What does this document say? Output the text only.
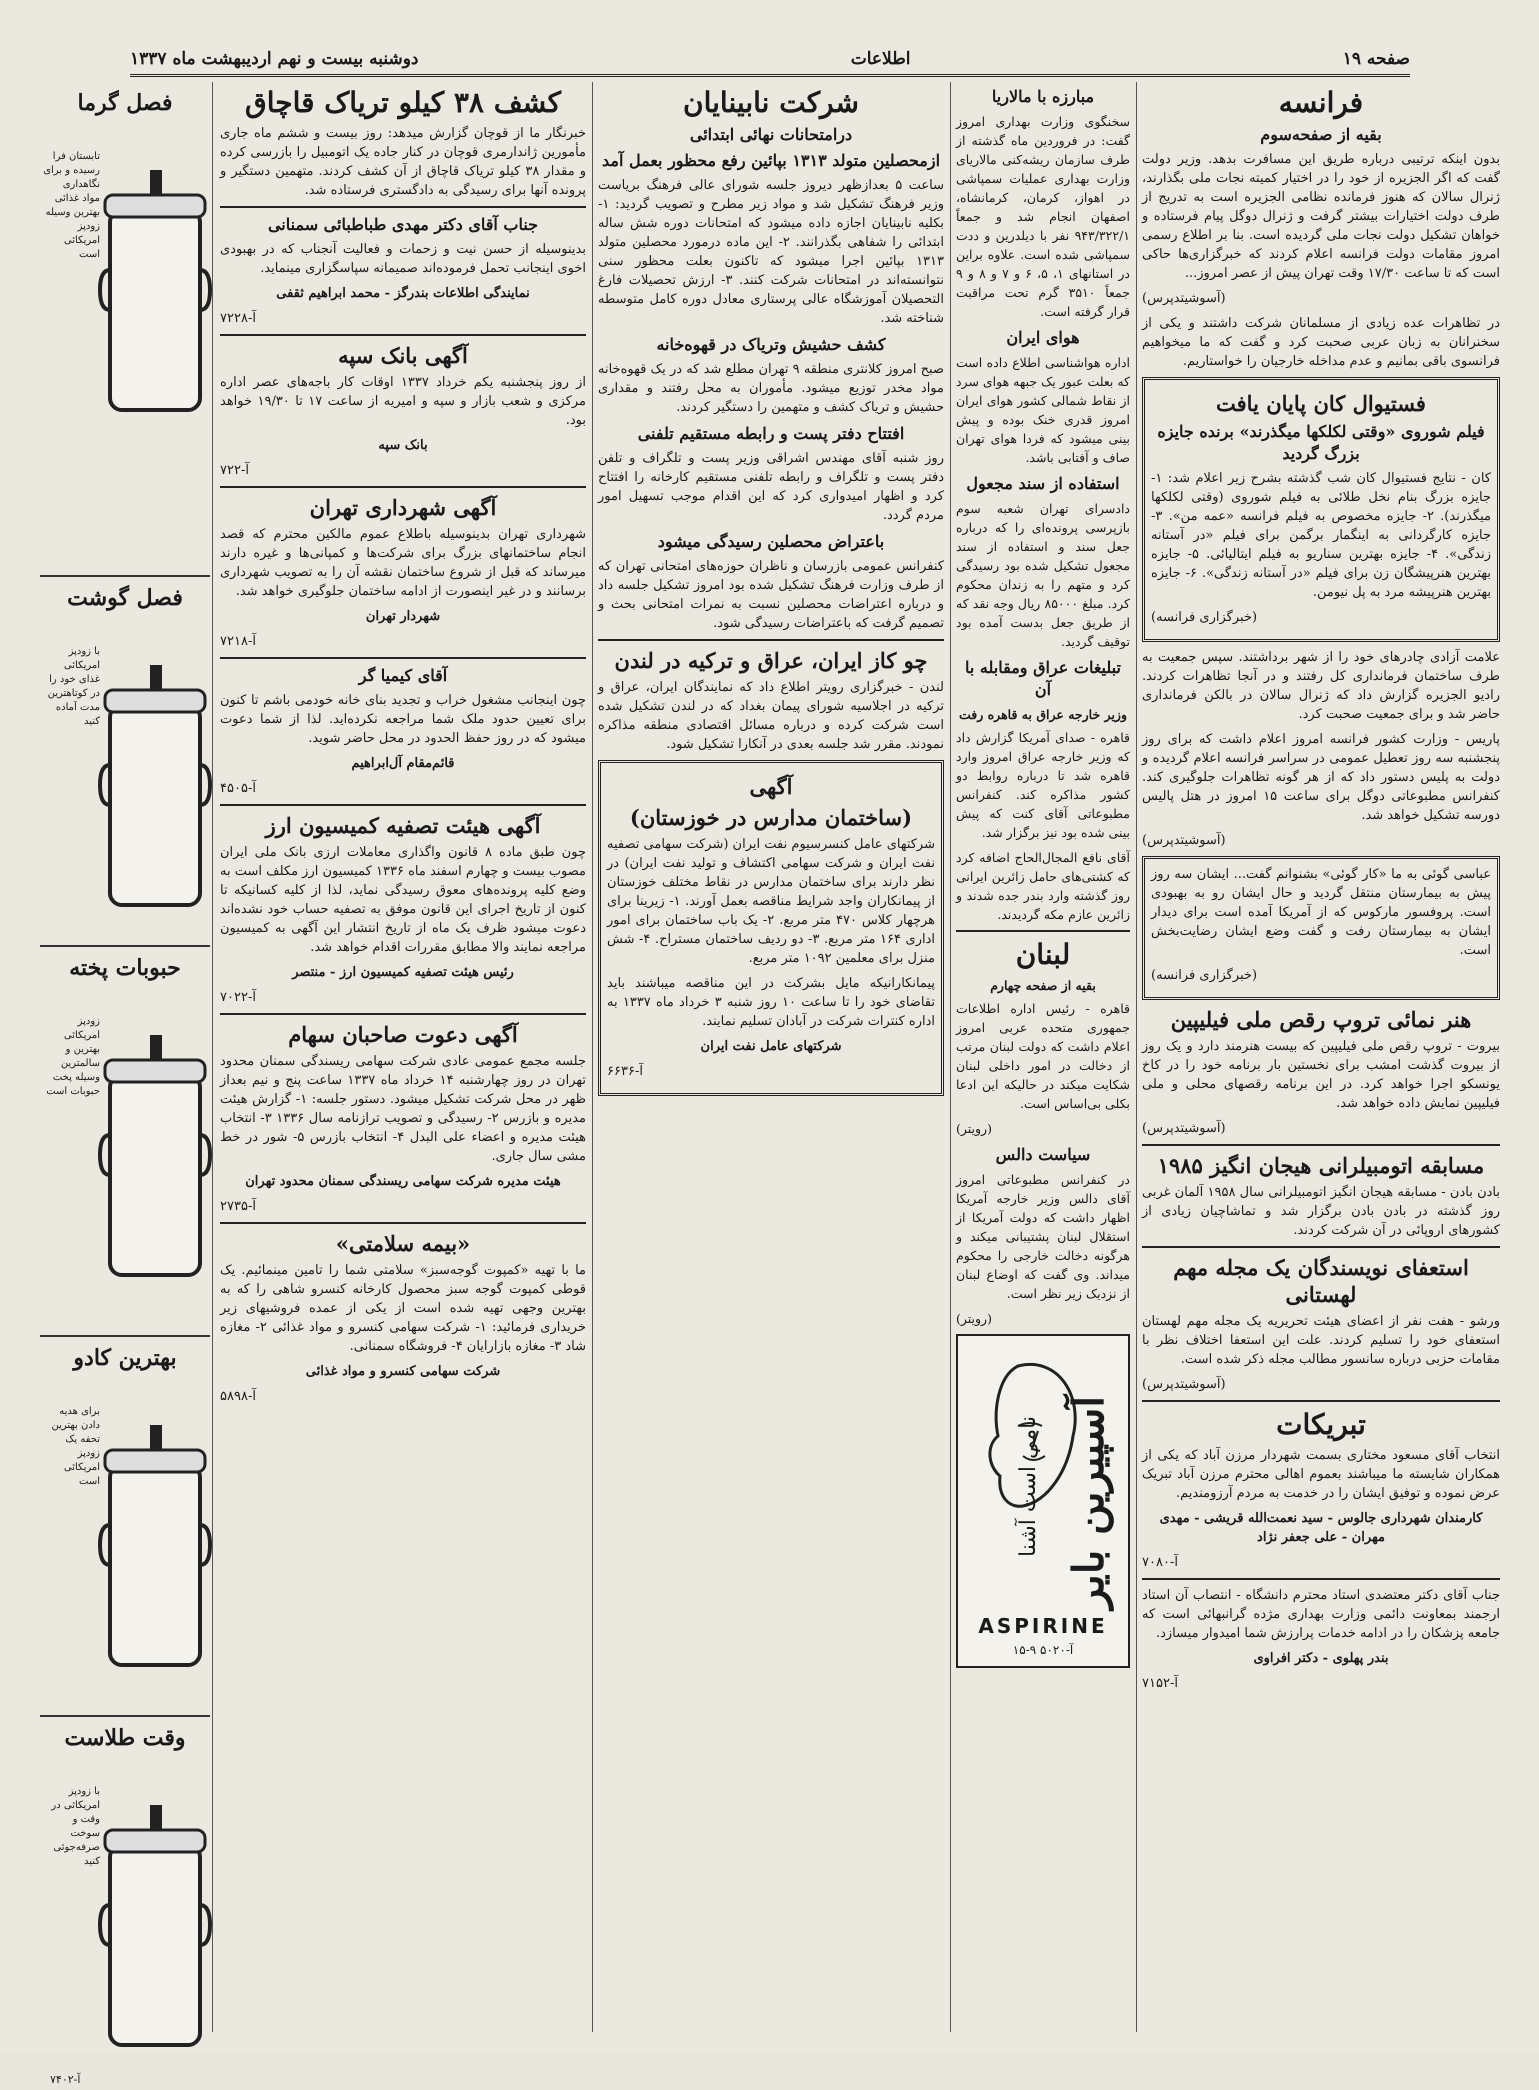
صفحه ۱۹
اطلاعات
دوشنبه بیست و نهم اردیبهشت ماه ۱۳۳۷
فرانسه
بقیه از صفحه‌سوم

بدون اینکه ترتیبی درباره طریق این مسافرت بدهد. وزیر دولت گفت که اگر الجزیره از خود را در اختیار کمیته نجات ملی بگذارند، ژنرال سالان که هنوز فرمانده نظامی الجزیره است به تدریج از طرف دولت اختیارات بیشتر گرفت و ژنرال دوگل پیام فرستاده و خواهان تشکیل دولت نجات ملی گردیده است. بنا بر اطلاع رسمی امروز مقامات دولت فرانسه اعلام کردند که خبرگزاری‌ها حاکی است که تا ساعت ۱۷/۳۰ وقت تهران پیش از عصر امروز...

(آسوشیتدپرس)

در تظاهرات عده زیادی از مسلمانان شرکت داشتند و یکی از سخنرانان به زبان عربی صحبت کرد و گفت که ما میخواهیم فرانسوی باقی بمانیم و عدم مداخله خارجیان را خواستاریم.

فستیوال کان پایان یافت
فیلم شوروی «وقتی لکلکها میگذرند» برنده جایزه بزرگ گردید

کان - نتایج فستیوال کان شب گذشته بشرح زیر اعلام شد: ۱- جایزه بزرگ بنام نخل طلائی به فیلم شوروی (وقتی لکلکها میگذرند). ۲- جایزه مخصوص به فیلم فرانسه «عمه من». ۳- جایزه کارگردانی به اینگمار برگمن برای فیلم «در آستانه زندگی». ۴- جایزه بهترین سناریو به فیلم ایتالیائی. ۵- جایزه بهترین هنرپیشگان زن برای فیلم «در آستانه زندگی». ۶- جایزه بهترین هنرپیشه مرد به پل نیومن.

(خبرگزاری فرانسه)

علامت آزادی چادرهای خود را از شهر برداشتند. سپس جمعیت به طرف ساختمان فرمانداری کل رفتند و در آنجا تظاهرات کردند. رادیو الجزیره گزارش داد که ژنرال سالان در بالکن فرمانداری حاضر شد و برای جمعیت صحبت کرد.

پاریس - وزارت کشور فرانسه امروز اعلام داشت که برای روز پنجشنبه سه روز تعطیل عمومی در سراسر فرانسه اعلام گردیده و دولت به پلیس دستور داد که از هر گونه تظاهرات جلوگیری کند. کنفرانس مطبوعاتی دوگل برای ساعت ۱۵ امروز در هتل پالیس دورسه تشکیل خواهد شد.

(آسوشیتدپرس)

عباسی گوئی به ما «کار گوئی» بشنوانم گفت... ایشان سه روز پیش به بیمارستان منتقل گردید و حال ایشان رو به بهبودی است. پروفسور مارکوس که از آمریکا آمده است برای دیدار ایشان به بیمارستان رفت و گفت وضع ایشان رضایت‌بخش است.

(خبرگزاری فرانسه)

هنر نمائی تروپ رقص ملی فیلیپین

بیروت - تروپ رقص ملی فیلیپین که بیست هنرمند دارد و یک روز از بیروت گذشت امشب برای نخستین بار برنامه خود را در کاخ یونسکو اجرا خواهد کرد. در این برنامه رقصهای محلی و ملی فیلیپین نمایش داده خواهد شد.

(آسوشیتدپرس)

مسابقه اتومبیلرانی هیجان انگیز ۱۹۸۵

بادن بادن - مسابقه هیجان انگیز اتومبیلرانی سال ۱۹۵۸ آلمان غربی روز گذشته در بادن بادن برگزار شد و تماشاچیان زیادی از کشورهای اروپائی در آن شرکت کردند.

استعفای نویسندگان یک مجله مهم لهستانی

ورشو - هفت نفر از اعضای هیئت تحریریه یک مجله مهم لهستان استعفای خود را تسلیم کردند. علت این استعفا اختلاف نظر با مقامات حزبی درباره سانسور مطالب مجله ذکر شده است.

(آسوشیتدپرس)

تبریکات

انتخاب آقای مسعود مختاری بسمت شهردار مرزن آباد که یکی از همکاران شایسته ما میباشند بعموم اهالی محترم مرزن آباد تبریک عرض نموده و توفیق ایشان را در خدمت به مردم آرزومندیم.

کارمندان شهرداری جالوس - سید نعمت‌الله قریشی - مهدی مهران - علی جعفر نژاد

آ-۷۰۸۰

جناب آقای دکتر معتضدی استاد محترم دانشگاه - انتصاب آن استاد ارجمند بمعاونت دائمی وزارت بهداری مژده گرانبهائی است که جامعه پزشکان را در ادامه خدمات پرارزش شما امیدوار میسازد.

بندر پهلوی - دکتر افراوی

آ-۷۱۵۲

مبارزه با مالاریا

سخنگوی وزارت بهداری امروز گفت: در فروردین ماه گذشته از طرف سازمان ریشه‌کنی مالاریای وزارت بهداری عملیات سمپاشی در اهواز، کرمان، کرمانشاه، اصفهان انجام شد و جمعاً ۹۴۳/۳۲۲/۱ نفر با دیلدرین و ددت سمپاشی شده است. علاوه براین در استانهای ۱، ۵، ۶ و ۷ و ۸ و ۹ جمعاً ۳۵۱۰ گرم تحت مراقبت قرار گرفته است.

هوای ایران

اداره هواشناسی اطلاع داده است که بعلت عبور یک جبهه هوای سرد از نقاط شمالی کشور هوای ایران امروز قدری خنک بوده و پیش بینی میشود که فردا هوای تهران صاف و آفتابی باشد.

استفاده از سند مجعول

دادسرای تهران شعبه سوم بازپرسی پرونده‌ای را که درباره جعل سند و استفاده از سند مجعول تشکیل شده بود رسیدگی کرد و متهم را به زندان محکوم کرد. مبلغ ۸۵۰۰۰ ریال وجه نقد که از طریق جعل بدست آمده بود توقیف گردید.

تبلیغات عراق ومقابله با آن
وزیر خارجه عراق به قاهره رفت

قاهره - صدای آمریکا گزارش داد که وزیر خارجه عراق امروز وارد قاهره شد تا درباره روابط دو کشور مذاکره کند. کنفرانس مطبوعاتی آقای کنت که پیش بینی شده بود نیز برگزار شد.

آقای نافع المجال‌الحاج اضافه کرد که کشتی‌های حامل زائرین ایرانی روز گذشته وارد بندر جده شدند و زائرین عازم مکه گردیدند.

لبنان
بقیه از صفحه چهارم

قاهره - رئیس اداره اطلاعات جمهوری متحده عربی امروز اعلام داشت که دولت لبنان مرتب از دخالت در امور داخلی لبنان شکایت میکند در حالیکه این ادعا بکلی بی‌اساس است.

(رویتر)

سیاست دالس

در کنفرانس مطبوعاتی امروز آقای دالس وزیر خارجه آمریکا اظهار داشت که دولت آمریکا از استقلال لبنان پشتیبانی میکند و هرگونه دخالت خارجی را محکوم میداند. وی گفت که اوضاع لبنان از نزدیک زیر نظر است.

(رویتر)

آسپیرین بایر
نامی است آشنا
ASPIRINE
آ-۵۰۲۰ ۹-۱۵
شرکت نابینایان
درامتحانات نهائی ابتدائی
ازمحصلین متولد ۱۳۱۳ بپائین رفع محظور بعمل آمد

ساعت ۵ بعدازظهر دیروز جلسه شورای عالی فرهنگ بریاست وزیر فرهنگ تشکیل شد و مواد زیر مطرح و تصویب گردید: ۱- بکلیه نابینایان اجازه داده میشود که امتحانات دوره شش ساله ابتدائی را شفاهی بگذرانند. ۲- این ماده درمورد محصلین متولد ۱۳۱۳ بپائین اجرا میشود که تاکنون بعلت محظور سنی نتوانسته‌اند در امتحانات شرکت کنند. ۳- ارزش تحصیلات فارغ التحصیلان آموزشگاه عالی پرستاری معادل دوره کامل متوسطه شناخته شد.

کشف حشیش وتریاک در قهوه‌خانه

صبح امروز کلانتری منطقه ۹ تهران مطلع شد که در یک قهوه‌خانه مواد مخدر توزیع میشود. مأموران به محل رفتند و مقداری حشیش و تریاک کشف و متهمین را دستگیر کردند.

افتتاح دفتر پست و رابطه مستقیم تلفنی

روز شنبه آقای مهندس اشراقی وزیر پست و تلگراف و تلفن دفتر پست و تلگراف و رابطه تلفنی مستقیم کارخانه را افتتاح کرد و اظهار امیدواری کرد که این اقدام موجب تسهیل امور مردم گردد.

باعتراض محصلین رسیدگی میشود

کنفرانس عمومی بازرسان و ناظران حوزه‌های امتحانی تهران که از طرف وزارت فرهنگ تشکیل شده بود امروز تشکیل جلسه داد و درباره اعتراضات محصلین نسبت به نمرات امتحانی بحث و تصمیم گرفت که باعتراضات رسیدگی شود.

چو کاز ایران، عراق و ترکیه در لندن

لندن - خبرگزاری رویتر اطلاع داد که نمایندگان ایران، عراق و ترکیه در اجلاسیه شورای پیمان بغداد که در لندن تشکیل شده است شرکت کرده و درباره مسائل اقتصادی منطقه مذاکره نمودند. مقرر شد جلسه بعدی در آنکارا تشکیل شود.

آگهی
(ساختمان مدارس در خوزستان)

شرکتهای عامل کنسرسیوم نفت ایران (شرکت سهامی تصفیه نفت ایران و شرکت سهامی اکتشاف و تولید نفت ایران) در نظر دارند برای ساختمان مدارس در نقاط مختلف خوزستان از پیمانکاران واجد شرایط مناقصه بعمل آورند. ۱- زیرینا برای هرچهار کلاس ۴۷۰ متر مربع. ۲- یک باب ساختمان برای امور اداری ۱۶۴ متر مربع. ۳- دو ردیف ساختمان مستراح. ۴- شش منزل برای معلمین ۱۰۹۲ متر مربع.

پیمانکارانیکه مایل بشرکت در این مناقصه میباشند باید تقاضای خود را تا ساعت ۱۰ روز شنبه ۳ خرداد ماه ۱۳۳۷ به اداره کنترات شرکت در آبادان تسلیم نمایند.

شرکتهای عامل نفت ایران

آ-۶۶۳۶

کشف ۳۸ کیلو تریاک قاچاق

خبرنگار ما از قوچان گزارش میدهد: روز بیست و ششم ماه جاری مأمورین ژاندارمری قوچان در کنار جاده یک اتومبیل را بازرسی کرده و مقدار ۳۸ کیلو تریاک قاچاق از آن کشف کردند. متهمین دستگیر و پرونده آنها برای رسیدگی به دادگستری فرستاده شد.

جناب آقای دکتر مهدی طباطبائی سمنانی

بدینوسیله از حسن نیت و زحمات و فعالیت آنجناب که در بهبودی اخوی اینجانب تحمل فرموده‌اند صمیمانه سپاسگزاری مینماید.

نمایندگی اطلاعات بندرگز - محمد ابراهیم ثقفی

آ-۷۲۲۸

آگهی بانک سپه

از روز پنجشنبه یکم خرداد ۱۳۳۷ اوقات کار باجه‌های عصر اداره مرکزی و شعب بازار و سپه و امیریه از ساعت ۱۷ تا ۱۹/۳۰ خواهد بود.

بانک سپه

آ-۷۲۲

آگهی شهرداری تهران

شهرداری تهران بدینوسیله باطلاع عموم مالکین محترم که قصد انجام ساختمانهای بزرگ برای شرکت‌ها و کمپانی‌ها و غیره دارند میرساند که قبل از شروع ساختمان نقشه آن را به تصویب شهرداری برسانند و در غیر اینصورت از ادامه ساختمان جلوگیری خواهد شد.

شهردار تهران

آ-۷۲۱۸

آقای کیمیا گر

چون اینجانب مشغول خراب و تجدید بنای خانه خودمی باشم تا کنون برای تعیین حدود ملک شما مراجعه نکرده‌اید. لذا از شما دعوت میشود که در روز حفظ الحدود در محل حاضر شوید.

قائم‌مقام آل‌ابراهیم

آ-۴۵۰۵

آگهی هیئت تصفیه کمیسیون ارز

چون طبق ماده ۸ قانون واگذاری معاملات ارزی بانک ملی ایران مصوب بیست و چهارم اسفند ماه ۱۳۳۶ کمیسیون ارز مکلف است به وضع کلیه پرونده‌های معوق رسیدگی نماید، لذا از کلیه کسانیکه تا کنون از تاریخ اجرای این قانون موفق به تصفیه حساب خود نشده‌اند دعوت میشود ظرف یک ماه از تاریخ انتشار این آگهی به کمیسیون مراجعه نمایند والا مطابق مقررات اقدام خواهد شد.

رئیس هیئت تصفیه کمیسیون ارز - منتصر

آ-۷۰۲۲

آگهی دعوت صاحبان سهام

جلسه مجمع عمومی عادی شرکت سهامی ریسندگی سمنان محدود تهران در روز چهارشنبه ۱۴ خرداد ماه ۱۳۳۷ ساعت پنج و نیم بعداز ظهر در محل شرکت تشکیل میشود. دستور جلسه: ۱- گزارش هیئت مدیره و بازرس ۲- رسیدگی و تصویب ترازنامه سال ۱۳۳۶ ۳- انتخاب هیئت مدیره و اعضاء علی البدل ۴- انتخاب بازرس ۵- شور در خط مشی سال جاری.

هیئت مدیره شرکت سهامی ریسندگی سمنان محدود تهران

آ-۲۷۳۵

«بیمه سلامتی»

ما با تهیه «کمپوت گوجه‌سبز» سلامتی شما را تامین مینمائیم. یک قوطی کمپوت گوجه سبز محصول کارخانه کنسرو شاهی را که به بهترین وجهی تهیه شده است از یکی از عمده فروشیهای زیر خریداری فرمائید: ۱- شرکت سهامی کنسرو و مواد غذائی ۲- مغازه شاد ۳- مغازه بازارایان ۴- فروشگاه سمنانی.

شرکت سهامی کنسرو و مواد غذائی

آ-۵۸۹۸

فصل گرما
تابستان فرا رسیده و برای نگاهداری مواد غذائی بهترین وسیله زودپز امریکائی است
فصل گوشت
با زودپز امریکائی غذای خود را در کوتاهترین مدت آماده کنید
حبوبات پخته
زودپز امریکائی بهترین و سالمترین وسیله پخت حبوبات است
بهترین کادو
برای هدیه دادن بهترین تحفه یک زودپز امریکائی است
وقت طلاست
با زودپز امریکائی در وقت و سوخت صرفه‌جوئی کنید
آ-۷۴۰۲
